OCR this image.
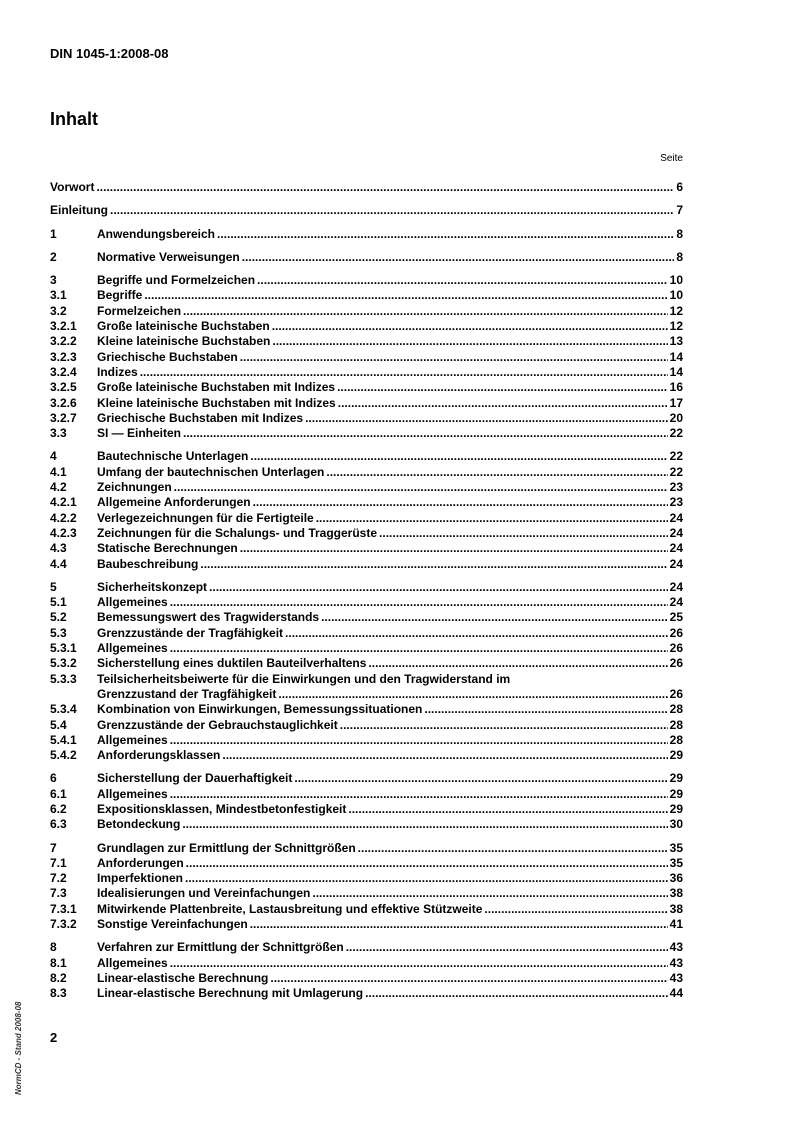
DIN 1045-1:2008-08
Inhalt
Seite
Vorwort .....	6
Einleitung .....	7
1	Anwendungsbereich .....	8
2	Normative Verweisungen .....	8
3	Begriffe und Formelzeichen .....	10
3.1	Begriffe .....	10
3.2	Formelzeichen .....	12
3.2.1	Große lateinische Buchstaben .....	12
3.2.2	Kleine lateinische Buchstaben .....	13
3.2.3	Griechische Buchstaben .....	14
3.2.4	Indizes .....	14
3.2.5	Große lateinische Buchstaben mit Indizes .....	16
3.2.6	Kleine lateinische Buchstaben mit Indizes .....	17
3.2.7	Griechische Buchstaben mit Indizes .....	20
3.3	SI — Einheiten .....	22
4	Bautechnische Unterlagen .....	22
4.1	Umfang der bautechnischen Unterlagen .....	22
4.2	Zeichnungen .....	23
4.2.1	Allgemeine Anforderungen .....	23
4.2.2	Verlegezeichnungen für die Fertigteile .....	24
4.2.3	Zeichnungen für die Schalungs- und Traggerüste .....	24
4.3	Statische Berechnungen .....	24
4.4	Baubeschreibung .....	24
5	Sicherheitskonzept .....	24
5.1	Allgemeines .....	24
5.2	Bemessungswert des Tragwiderstands .....	25
5.3	Grenzzustände der Tragfähigkeit .....	26
5.3.1	Allgemeines .....	26
5.3.2	Sicherstellung eines duktilen Bauteilverhaltens .....	26
5.3.3	Teilsicherheitsbeiwerte für die Einwirkungen und den Tragwiderstand im
Grenzzustand der Tragfähigkeit .....	26
5.3.4	Kombination von Einwirkungen, Bemessungssituationen .....	28
5.4	Grenzzustände der Gebrauchstauglichkeit .....	28
5.4.1	Allgemeines .....	28
5.4.2	Anforderungsklassen .....	29
6	Sicherstellung der Dauerhaftigkeit .....	29
6.1	Allgemeines .....	29
6.2	Expositionsklassen, Mindestbetonfestigkeit .....	29
6.3	Betondeckung .....	30
7	Grundlagen zur Ermittlung der Schnittgrößen .....	35
7.1	Anforderungen .....	35
7.2	Imperfektionen .....	36
7.3	Idealisierungen und Vereinfachungen .....	38
7.3.1	Mitwirkende Plattenbreite, Lastausbreitung und effektive Stützweite .....	38
7.3.2	Sonstige Vereinfachungen .....	41
8	Verfahren zur Ermittlung der Schnittgrößen .....	43
8.1	Allgemeines .....	43
8.2	Linear-elastische Berechnung .....	43
8.3	Linear-elastische Berechnung mit Umlagerung .....	44
2
NormCD - Stand 2008-08
